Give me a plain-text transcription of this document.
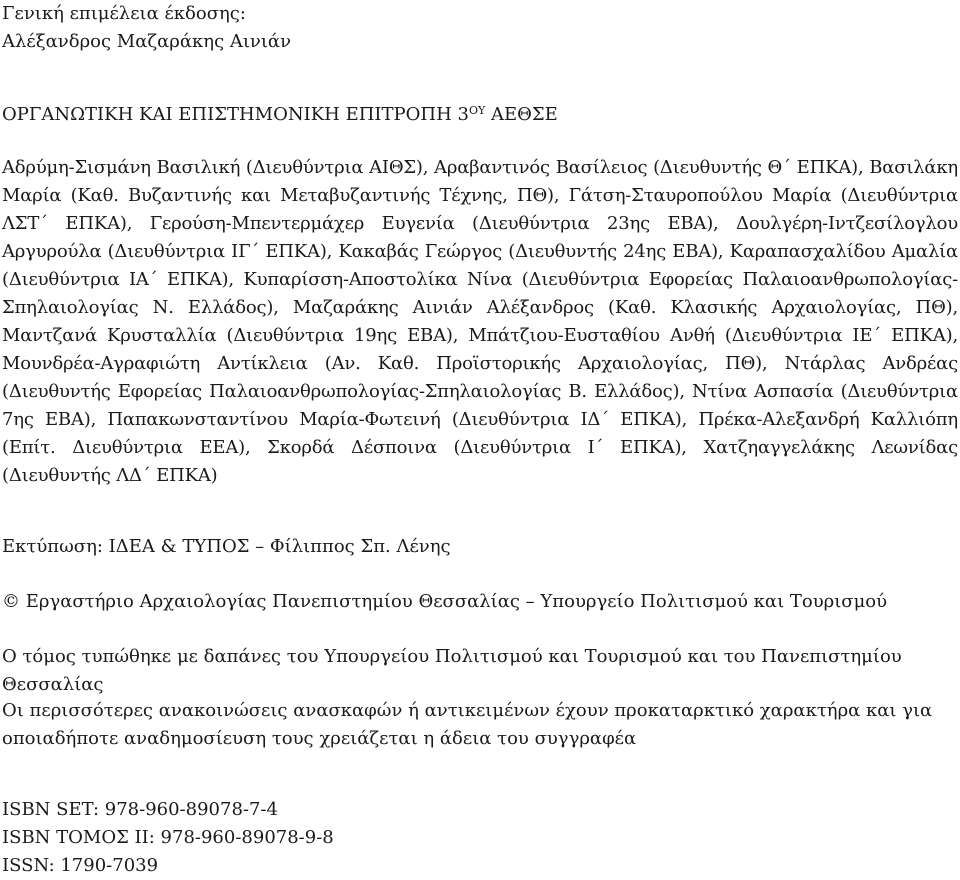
Γενική επιμέλεια έκδοσης:
Αλέξανδρος Μαζαράκης Αινιάν
ΟΡΓΑΝΩΤΙΚΗ ΚΑΙ ΕΠΙΣΤΗΜΟΝΙΚΗ ΕΠΙΤΡΟΠΗ $3^{O\Upsilon}$ ΑΕΘΣΕ

Αδρύμη-Σισμάνη Βασιλική (Διευθύντρια ΑΙΘΣ), Αραβαντινός Βασίλειος (Διευθυντής Θ΄ ΕΠΚΑ), Βασιλάκη Μαρία (Καθ. Βυζαντινής και Μεταβυζαντινής Τέχνης, ΠΘ), Γάτση-Σταυροπούλου Μαρία (Διευθύντρια ΛΣΤ΄ ΕΠΚΑ), Γερούση-Μπεντερμάχερ Ευγενία (Διευθύντρια 23ης ΕΒΑ), Δουλγέρη-Ιντζεσίλογλου Αργυρούλα (Διευθύντρια ΙΓ΄ ΕΠΚΑ), Κακαβάς Γεώργος (Διευθυντής 24ης ΕΒΑ), Καραπασχαλίδου Αμαλία (Διευθύντρια ΙΑ΄ ΕΠΚΑ), Κυπαρίσση-Αποστολίκα Νίνα (Διευθύντρια Εφορείας Παλαιοανθρωπολογίας-Σπηλαιολογίας Ν. Ελλάδος), Μαζαράκης Αινιάν Αλέξανδρος (Καθ. Κλασικής Αρχαιολογίας, ΠΘ), Μαντζανά Κρυσταλλία (Διευθύντρια 19ης ΕΒΑ), Μπάτζιου-Ευσταθίου Ανθή (Διευθύντρια ΙΕ΄ ΕΠΚΑ), Μουνδρέα-Αγραφιώτη Αντίκλεια (Αν. Καθ. Προϊστορικής Αρχαιολογίας, ΠΘ), Ντάρλας Ανδρέας (Διευθυντής Εφορείας Παλαιοανθρωπολογίας-Σπηλαιολογίας Β. Ελλάδος), Ντίνα Ασπασία (Διευθύντρια 7ης ΕΒΑ), Παπακωνσταντίνου Μαρία-Φωτεινή (Διευθύντρια ΙΔ΄ ΕΠΚΑ), Πρέκα-Αλεξανδρή Καλλιόπη (Επίτ. Διευθύντρια ΕΕΑ), Σκορδά Δέσποινα (Διευθύντρια Ι΄ ΕΠΚΑ), Χατζηαγγελάκης Λεωνίδας (Διευθυντής ΛΔ΄ ΕΠΚΑ)

Εκτύπωση: ΙΔΕΑ & ΤΥΠΟΣ – Φίλιππος Σπ. Λένης
© Εργαστήριο Αρχαιολογίας Πανεπιστημίου Θεσσαλίας – Υπουργείο Πολιτισμού και Τουρισμού
Ο τόμος τυπώθηκε με δαπάνες του Υπουργείου Πολιτισμού και Τουρισμού και του Πανεπιστημίου Θεσσαλίας

Οι περισσότερες ανακοινώσεις ανασκαφών ή αντικειμένων έχουν προκαταρκτικό χαρακτήρα και για οποιαδήποτε αναδημοσίευση τους χρειάζεται η άδεια του συγγραφέα

ISBN SET: 978-960-89078-7-4
ISBN ΤΟΜΟΣ ΙΙ: 978-960-89078-9-8
ISSN: 1790-7039
